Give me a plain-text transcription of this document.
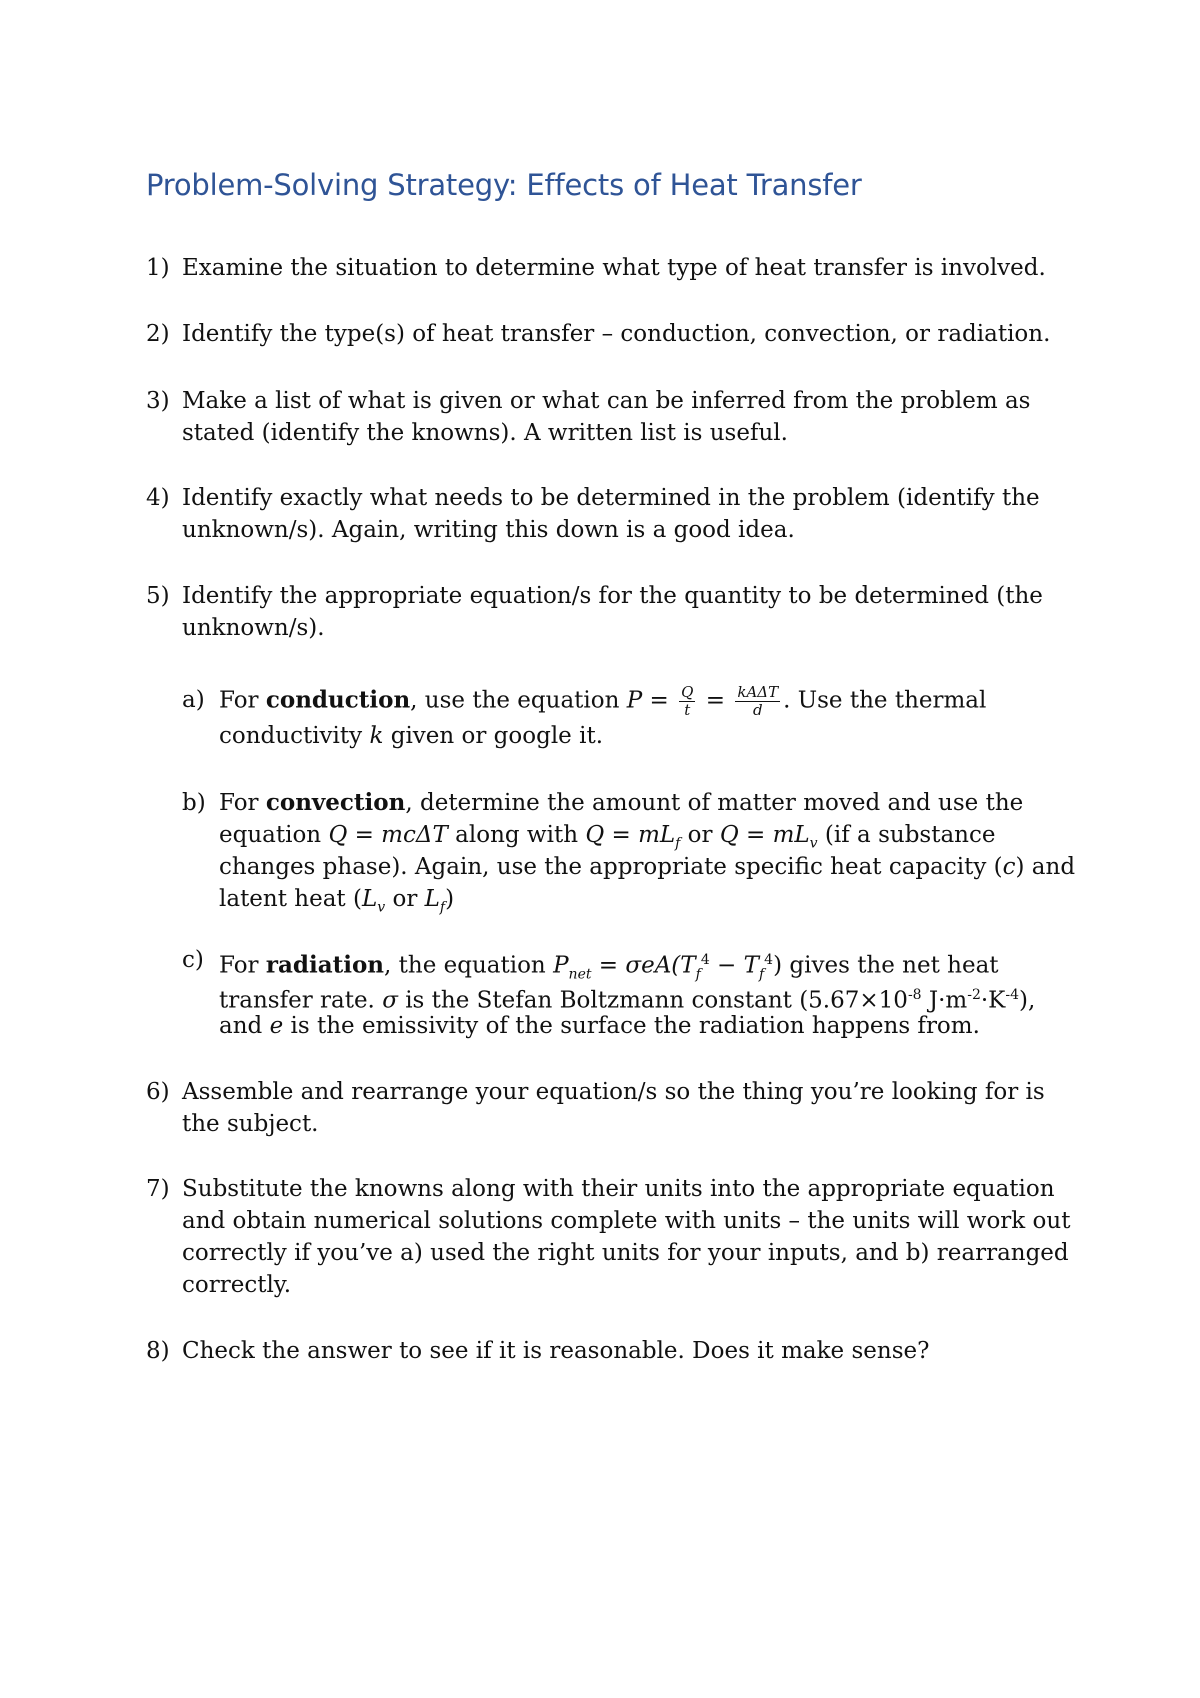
Problem-Solving Strategy: Effects of Heat Transfer
1) Examine the situation to determine what type of heat transfer is involved.
2) Identify the type(s) of heat transfer – conduction, convection, or radiation.
3) Make a list of what is given or what can be inferred from the problem as
stated (identify the knowns). A written list is useful.
4) Identify exactly what needs to be determined in the problem (identify the
unknown/s). Again, writing this down is a good idea.
5) Identify the appropriate equation/s for the quantity to be determined (the
unknown/s).
a) For conduction, use the equation $P = \frac{Q}{t} = \frac{\text{kAΔT}}{d}$ . Use the thermal
conductivity k given or google it.
b) For convection, determine the amount of matter moved and use the
equation Q = mcΔT along with $Q = mL_f$ or $Q = mL_v$ (if a substance
changes phase). Again, use the appropriate specific heat capacity (c) and
latent heat ($L_v$ or $L_f$)
c) For radiation, the equation $P_{net} = \sigma eA(T_f^4 - T_f^4)$ gives the net heat
transfer rate. σ is the Stefan Boltzmann constant ($5.67\times 10^{-8}$ $J\cdot m^{-2}\cdot K^{-4}$),
and e is the emissivity of the surface the radiation happens from.
6) Assemble and rearrange your equation/s so the thing you’re looking for is
the subject.
7) Substitute the knowns along with their units into the appropriate equation
and obtain numerical solutions complete with units – the units will work out
correctly if you’ve a) used the right units for your inputs, and b) rearranged
correctly.
8) Check the answer to see if it is reasonable. Does it make sense?
